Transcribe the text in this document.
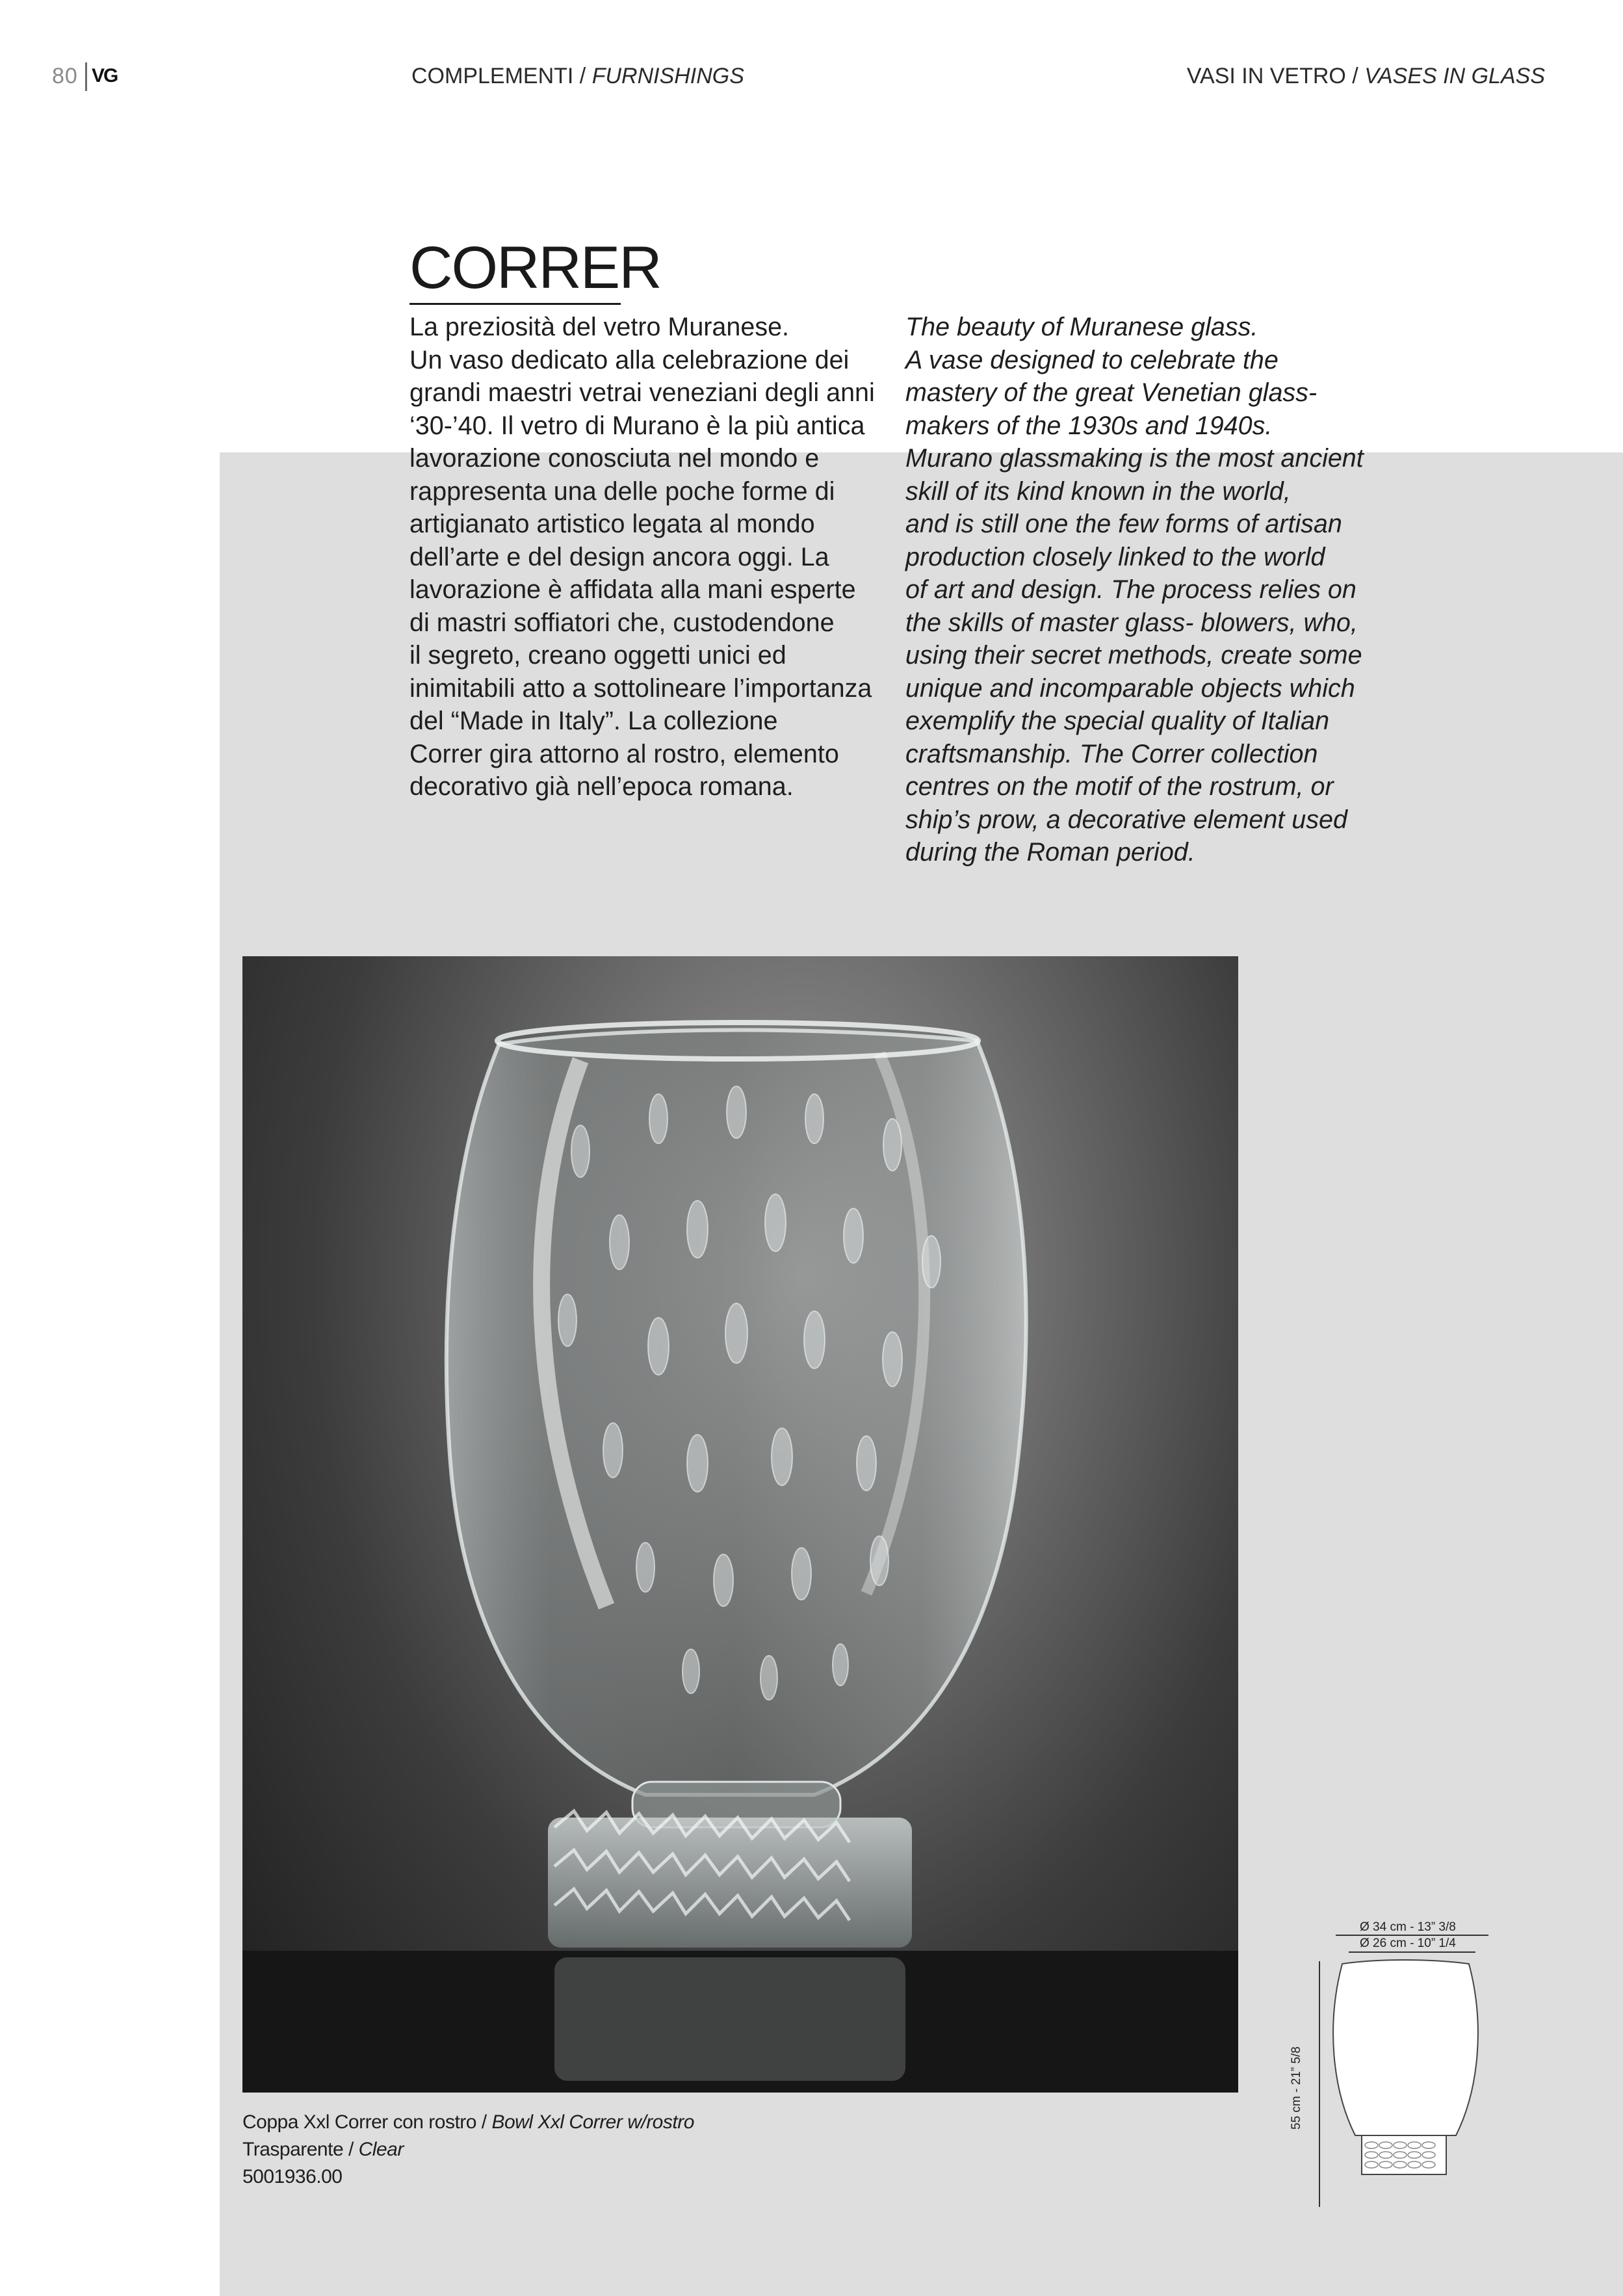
80 VG	COMPLEMENTI / FURNISHINGS	VASI IN VETRO / VASES IN GLASS
CORRER

La preziosità del vetro Muranese.
Un vaso dedicato alla celebrazione dei
grandi maestri vetrai veneziani degli anni
‘30-’40. Il vetro di Murano è la più antica
lavorazione conosciuta nel mondo e
rappresenta una delle poche forme di
artigianato artistico legata al mondo
dell’arte e del design ancora oggi. La
lavorazione è affidata alla mani esperte
di mastri soffiatori che, custodendone
il segreto, creano oggetti unici ed
inimitabili atto a sottolineare l’importanza
del “Made in Italy”. La collezione
Correr gira attorno al rostro, elemento
decorativo già nell’epoca romana.

The beauty of Muranese glass.
A vase designed to celebrate the
mastery of the great Venetian glass-
makers of the 1930s and 1940s.
Murano glassmaking is the most ancient
skill of its kind known in the world,
and is still one the few forms of artisan
production closely linked to the world
of art and design. The process relies on
the skills of master glass- blowers, who,
using their secret methods, create some
unique and incomparable objects which
exemplify the special quality of Italian
craftsmanship. The Correr collection
centres on the motif of the rostrum, or
ship’s prow, a decorative element used
during the Roman period.

Coppa Xxl Correr con rostro / Bowl Xxl Correr w/rostro
Trasparente / Clear
5001936.00
Ø 34 cm - 13” 3/8
Ø 26 cm - 10” 1/4
55 cm - 21” 5/8
